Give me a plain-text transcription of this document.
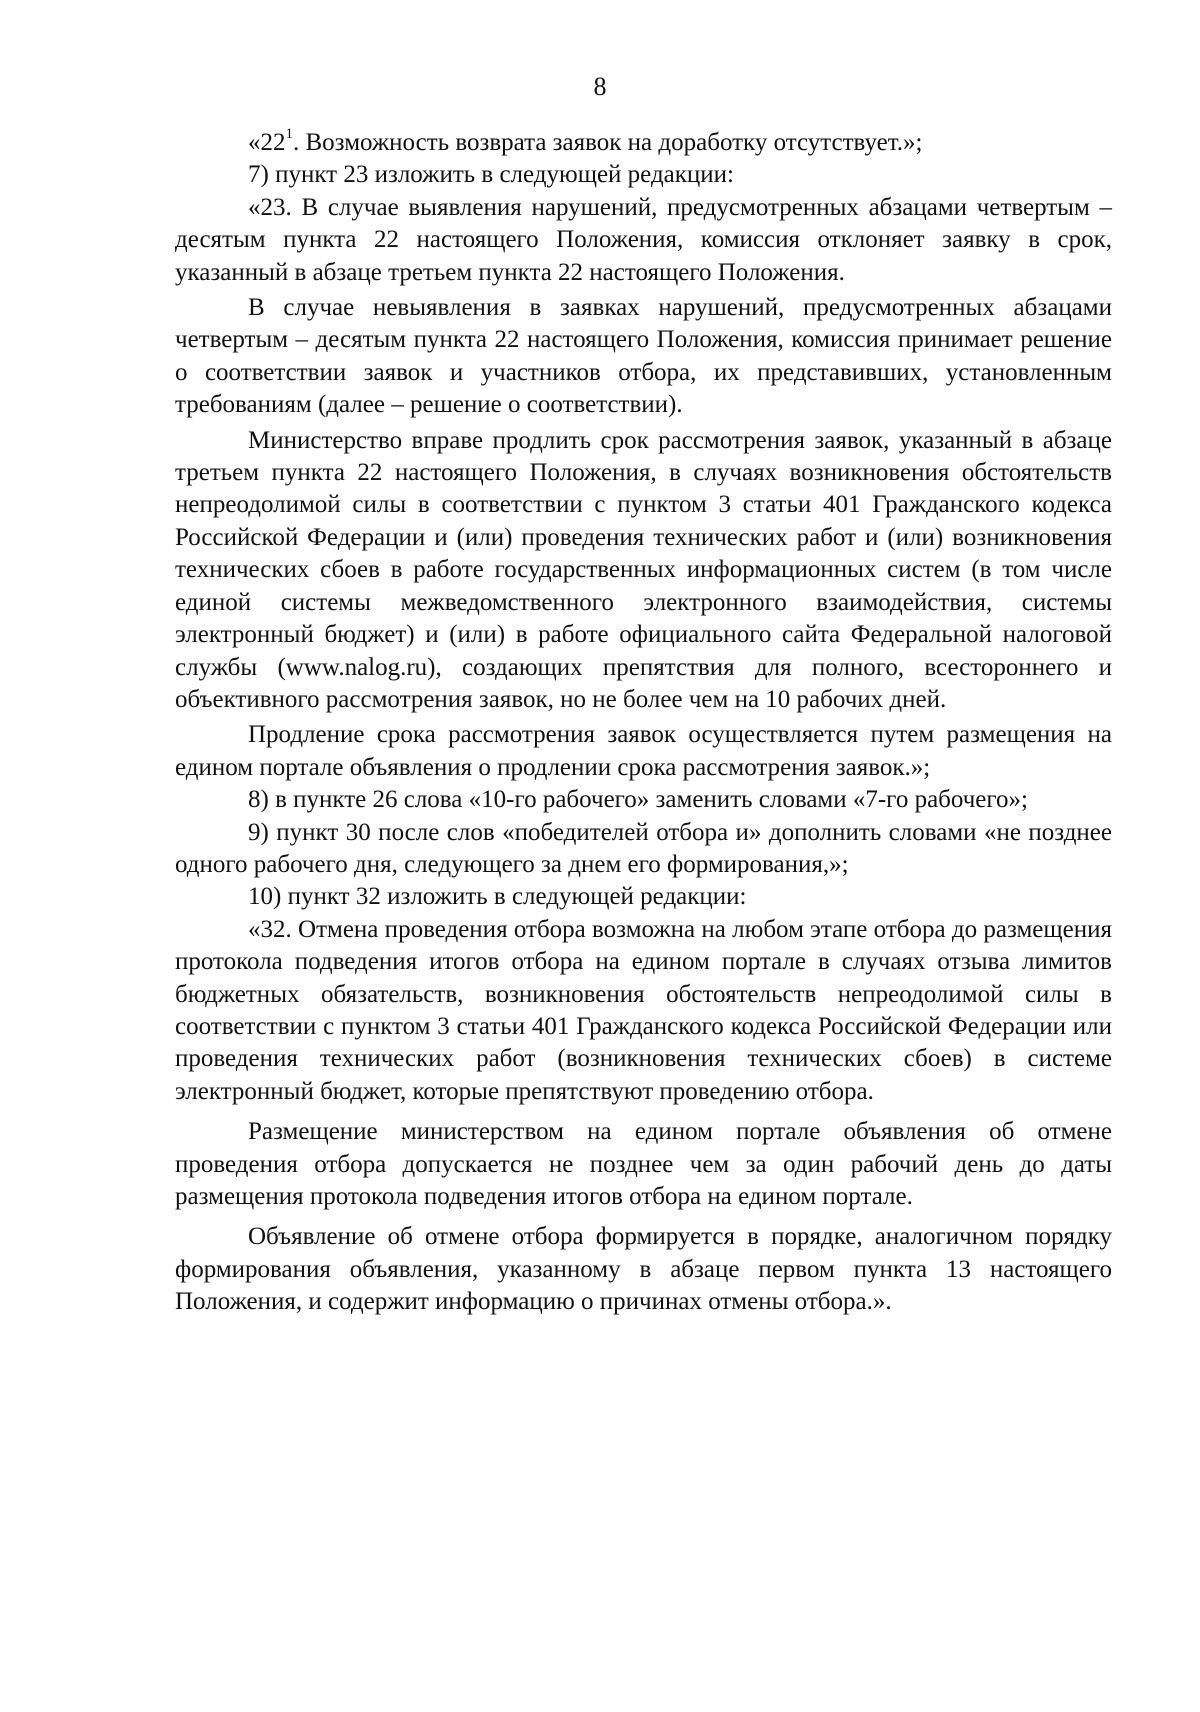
8

«$22^1$. Возможность возврата заявок на доработку отсутствует.»;

7) пункт 23 изложить в следующей редакции:

«23. В случае выявления нарушений, предусмотренных абзацами четвертым – десятым пункта 22 настоящего Положения, комиссия отклоняет заявку в срок, указанный в абзаце третьем пункта 22 настоящего Положения.

В случае невыявления в заявках нарушений, предусмотренных абзацами четвертым – десятым пункта 22 настоящего Положения, комиссия принимает решение о соответствии заявок и участников отбора, их представивших, установленным требованиям (далее – решение о соответствии).

Министерство вправе продлить срок рассмотрения заявок, указанный в абзаце третьем пункта 22 настоящего Положения, в случаях возникновения обстоятельств непреодолимой силы в соответствии с пунктом 3 статьи 401 Гражданского кодекса Российской Федерации и (или) проведения технических работ и (или) возникновения технических сбоев в работе государственных информационных систем (в том числе единой системы межведомственного электронного взаимодействия, системы электронный бюджет) и (или) в работе официального сайта Федеральной налоговой службы (www.nalog.ru), создающих препятствия для полного, всестороннего и объективного рассмотрения заявок, но не более чем на 10 рабочих дней.

Продление срока рассмотрения заявок осуществляется путем размещения на едином портале объявления о продлении срока рассмотрения заявок.»;

8) в пункте 26 слова «10-го рабочего» заменить словами «7-го рабочего»;

9) пункт 30 после слов «победителей отбора и» дополнить словами «не позднее одного рабочего дня, следующего за днем его формирования,»;

10) пункт 32 изложить в следующей редакции:

«32. Отмена проведения отбора возможна на любом этапе отбора до размещения протокола подведения итогов отбора на едином портале в случаях отзыва лимитов бюджетных обязательств, возникновения обстоятельств непреодолимой силы в соответствии с пунктом 3 статьи 401 Гражданского кодекса Российской Федерации или проведения технических работ (возникновения технических сбоев) в системе электронный бюджет, которые препятствуют проведению отбора.

Размещение министерством на едином портале объявления об отмене проведения отбора допускается не позднее чем за один рабочий день до даты размещения протокола подведения итогов отбора на едином портале.

Объявление об отмене отбора формируется в порядке, аналогичном порядку формирования объявления, указанному в абзаце первом пункта 13 настоящего Положения, и содержит информацию о причинах отмены отбора.».
